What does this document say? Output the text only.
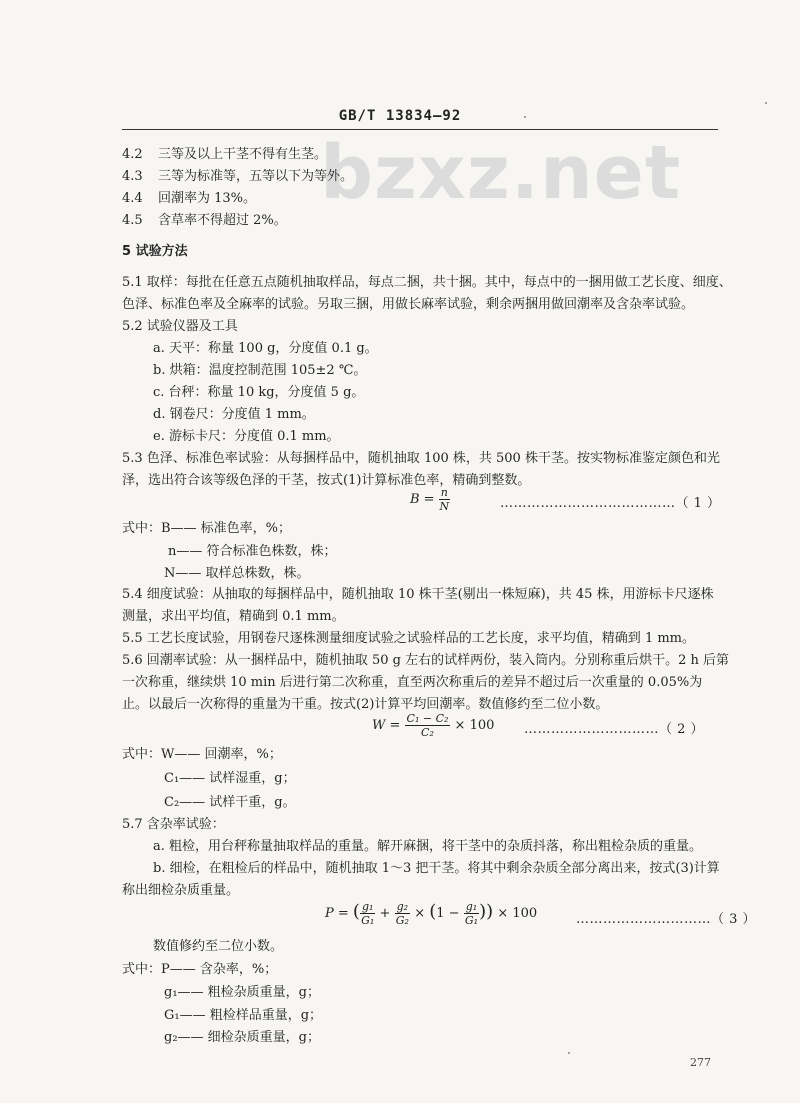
GB/T 13834—92
bzxz.net
4.2 三等及以上干茎不得有生茎。
4.3 三等为标准等，五等以下为等外。
4.4 回潮率为 13%。
4.5 含草率不得超过 2%。
5 试验方法
5.1 取样：每批在任意五点随机抽取样品，每点二捆，共十捆。其中，每点中的一捆用做工艺长度、细度、
色泽、标准色率及全麻率的试验。另取三捆，用做长麻率试验，剩余两捆用做回潮率及含杂率试验。
5.2 试验仪器及工具
a. 天平：称量 100 g，分度值 0.1 g。
b. 烘箱：温度控制范围 105±2 ℃。
c. 台秤：称量 10 kg，分度值 5 g。
d. 钢卷尺：分度值 1 mm。
e. 游标卡尺：分度值 0.1 mm。
5.3 色泽、标准色率试验：从每捆样品中，随机抽取 100 株，共 500 株干茎。按实物标准鉴定颜色和光
泽，选出符合该等级色泽的干茎，按式(1)计算标准色率，精确到整数。
$B = \frac{n}{N}$	…………………………………（ 1 ）
式中：B—— 标准色率，%；
n—— 符合标准色株数，株；
N—— 取样总株数，株。
5.4 细度试验：从抽取的每捆样品中，随机抽取 10 株干茎(剔出一株短麻)，共 45 株，用游标卡尺逐株
测量，求出平均值，精确到 0.1 mm。
5.5 工艺长度试验，用钢卷尺逐株测量细度试验之试验样品的工艺长度，求平均值，精确到 1 mm。
5.6 回潮率试验：从一捆样品中，随机抽取 50 g 左右的试样两份，装入筒内。分别称重后烘干。2 h 后第
一次称重，继续烘 10 min 后进行第二次称重，直至两次称重后的差异不超过后一次重量的 0.05%为
止。以最后一次称得的重量为干重。按式(2)计算平均回潮率。数值修约至二位小数。
$W = \frac{\text{C₁ − C₂}}{\text{C₂}} \times 100$ …………………………（ 2 ）
式中：W—— 回潮率，%；
C₁—— 试样湿重，g；
C₂—— 试样干重，g。
5.7 含杂率试验：
a. 粗检，用台秤称量抽取样品的重量。解开麻捆，将干茎中的杂质抖落，称出粗检杂质的重量。
b. 细检，在粗检后的样品中，随机抽取 1～3 把干茎。将其中剩余杂质全部分离出来，按式(3)计算
称出细检杂质重量。
P = ( $\frac{\text{g₁}}{\text{G₁}} + \frac{\text{g₂}}{\text{G₂}} \times (1 - \frac{\text{g₁}}{\text{G₁}}$ )) × 100	…………………………（ 3 ）
数值修约至二位小数。
式中：P—— 含杂率，%；
g₁—— 粗检杂质重量，g；
G₁—— 粗检样品重量，g；
g₂—— 细检杂质重量，g；
277
